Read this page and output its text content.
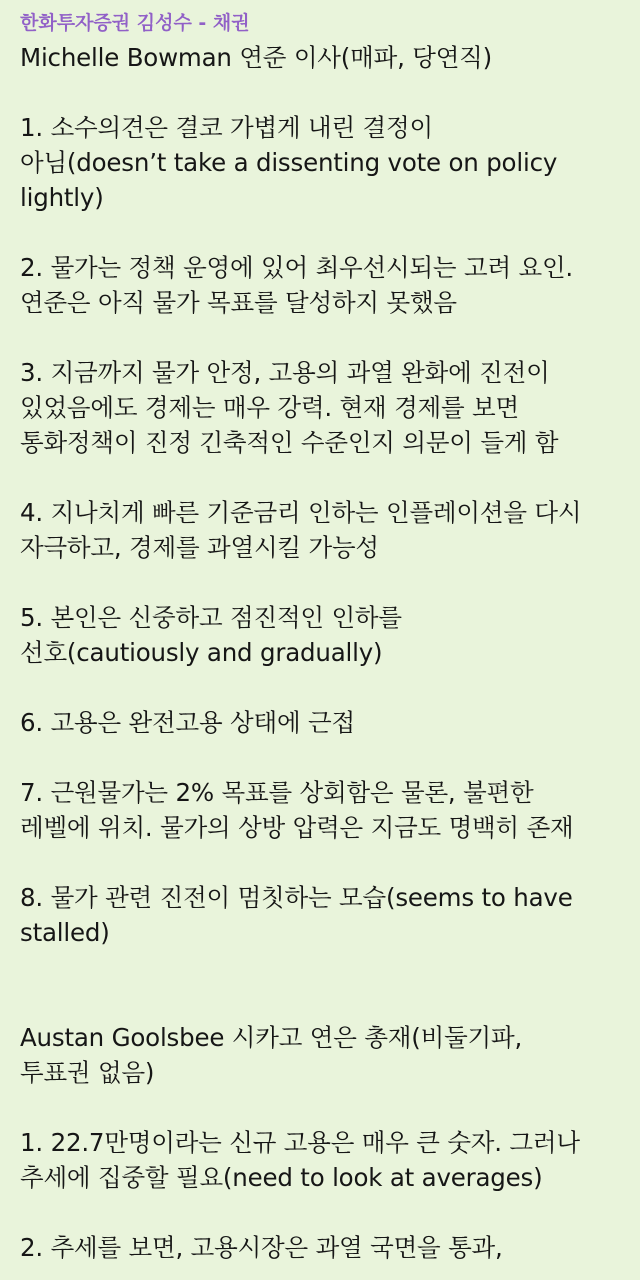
한화투자증권 김성수 - 채권
Michelle Bowman 연준 이사(매파, 당연직)
1. 소수의견은 결코 가볍게 내린 결정이
아님(doesn’t take a dissenting vote on policy
lightly)
2. 물가는 정책 운영에 있어 최우선시되는 고려 요인.
연준은 아직 물가 목표를 달성하지 못했음
3. 지금까지 물가 안정, 고용의 과열 완화에 진전이
있었음에도 경제는 매우 강력. 현재 경제를 보면
통화정책이 진정 긴축적인 수준인지 의문이 들게 함
4. 지나치게 빠른 기준금리 인하는 인플레이션을 다시
자극하고, 경제를 과열시킬 가능성
5. 본인은 신중하고 점진적인 인하를
선호(cautiously and gradually)
6. 고용은 완전고용 상태에 근접
7. 근원물가는 2% 목표를 상회함은 물론, 불편한
레벨에 위치. 물가의 상방 압력은 지금도 명백히 존재
8. 물가 관련 진전이 멈칫하는 모습(seems to have
stalled)
Austan Goolsbee 시카고 연은 총재(비둘기파,
투표권 없음)
1. 22.7만명이라는 신규 고용은 매우 큰 숫자. 그러나
추세에 집중할 필요(need to look at averages)
2. 추세를 보면, 고용시장은 과열 국면을 통과,
